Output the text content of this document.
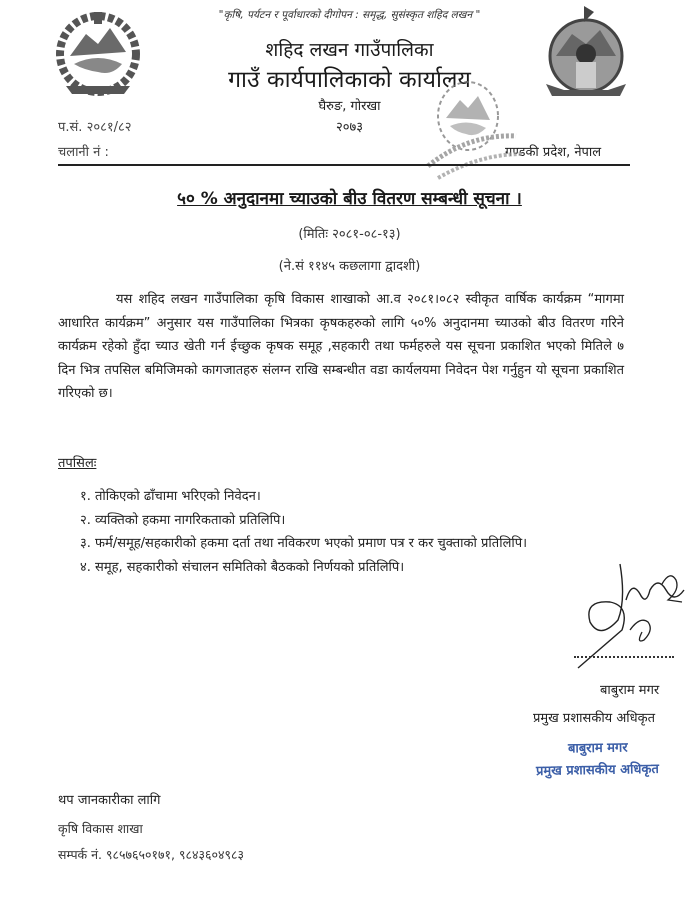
"कृषि, पर्यटन र पूर्वाधारको दीगोपन : समृद्ध, सुसंस्कृत शहिद लखन "
शहिद लखन गाउँपालिका
गाउँ कार्यपालिकाको कार्यालय
घैरुङ, गोरखा
२०७३
प.सं. २०८१/८२
चलानी नं :	गण्डकी प्रदेश, नेपाल
५० % अनुदानमा च्याउको बीउ वितरण सम्बन्धी सूचना ।
(मितिः २०८१-०८-१३)
(ने.सं ११४५ कछलागा द्वादशी)
यस शहिद लखन गाउँपालिका कृषि विकास शाखाको आ.व २०८१।०८२ स्वीकृत वार्षिक कार्यक्रम “मागमा आधारित कार्यक्रम” अनुसार यस गाउँपालिका भित्रका कृषकहरुको लागि ५०% अनुदानमा च्याउको बीउ वितरण गरिने कार्यक्रम रहेको हुँदा च्याउ खेती गर्न ईच्छुक कृषक समूह ,सहकारी तथा फर्महरुले यस सूचना प्रकाशित भएको मितिले ७ दिन भित्र तपसिल बमिजिमको कागजातहरु संलग्न राखि सम्बन्धीत वडा कार्यलयमा निवेदन पेश गर्नुहुन यो सूचना प्रकाशित गरिएको छ।
तपसिलः
१. तोकिएको ढाँचामा भरिएको निवेदन।
२. व्यक्तिको हकमा नागरिकताको प्रतिलिपि।
३. फर्म/समूह/सहकारीको हकमा दर्ता तथा नविकरण भएको प्रमाण पत्र र कर चुक्ताको प्रतिलिपि।
४. समूह, सहकारीको संचालन समितिको बैठकको निर्णयको प्रतिलिपि।
बाबुराम मगर
प्रमुख प्रशासकीय अधिकृत
बाबुराम मगर
प्रमुख प्रशासकीय अधिकृत
थप जानकारीका लागि
कृषि विकास शाखा
सम्पर्क नं. ९८५७६५०१७१, ९८४३६०४९८३
